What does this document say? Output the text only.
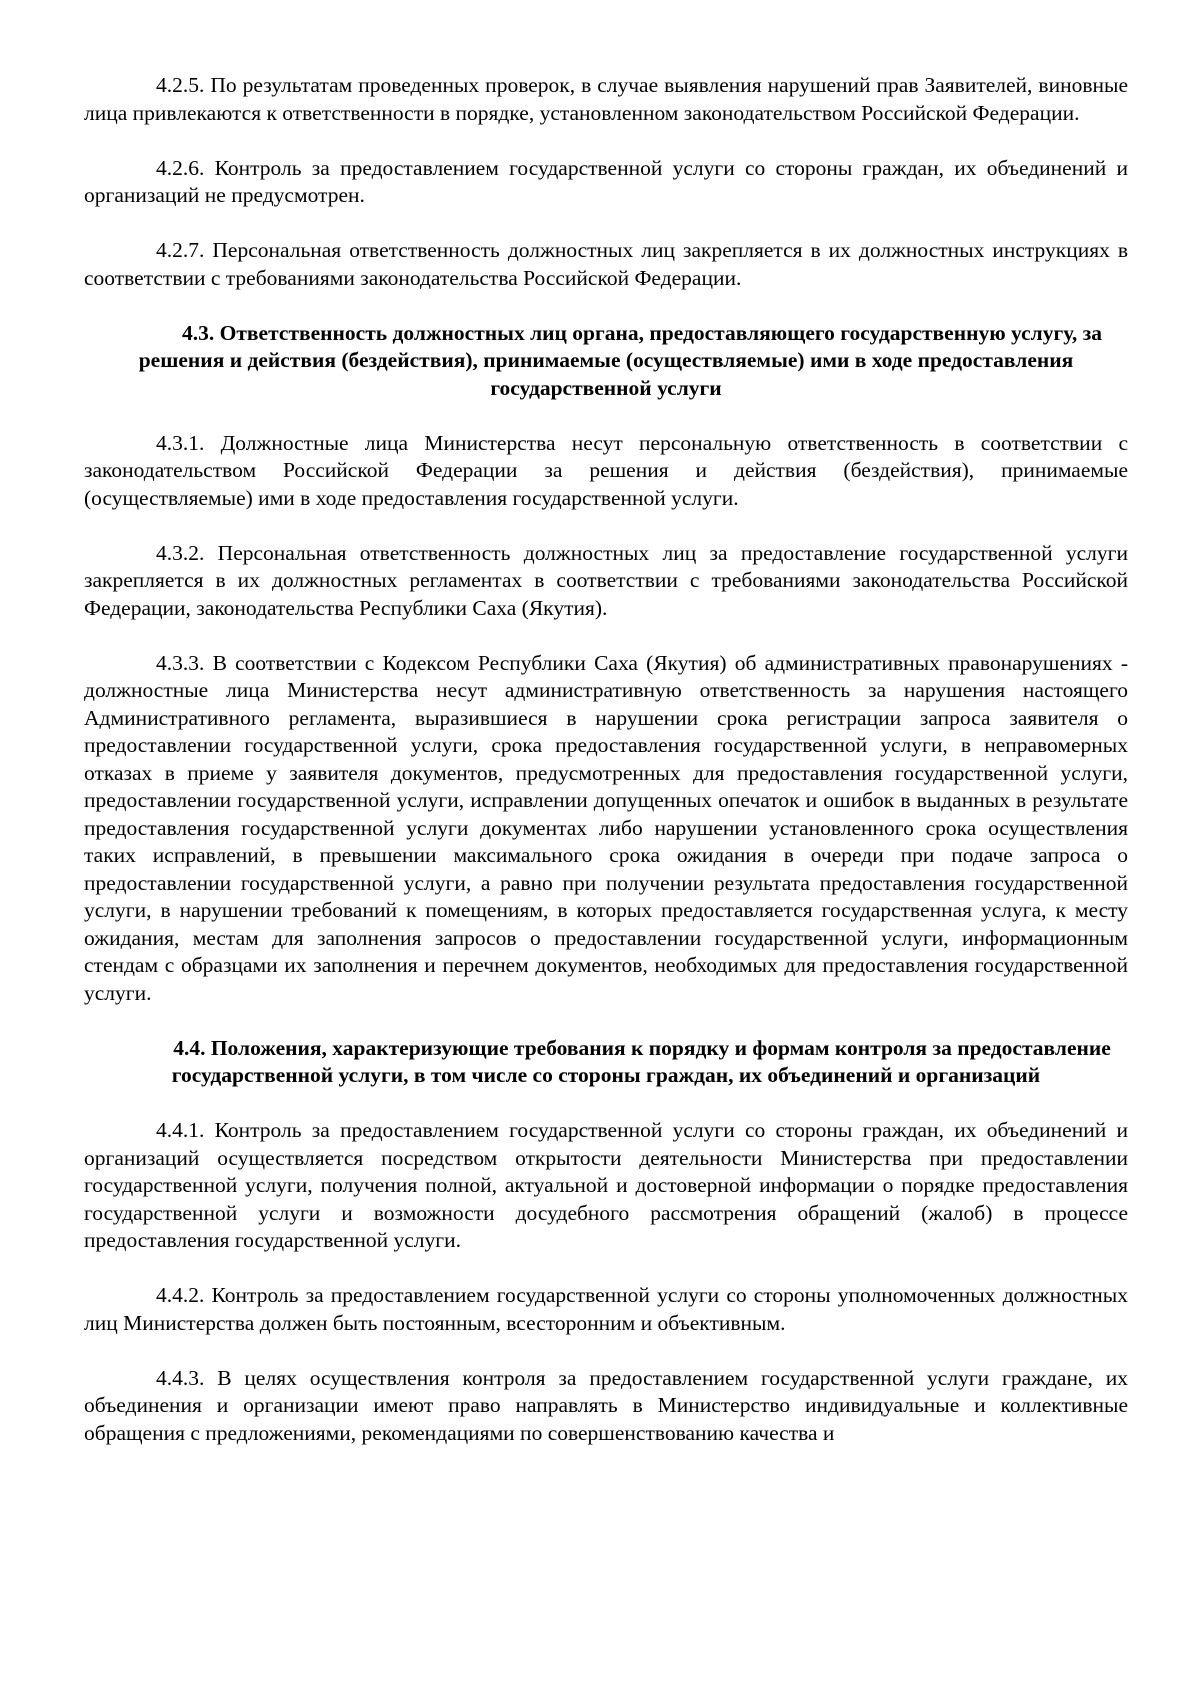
4.2.5. По результатам проведенных проверок, в случае выявления нарушений прав Заявителей, виновные лица привлекаются к ответственности в порядке, установленном законодательством Российской Федерации.

4.2.6. Контроль за предоставлением государственной услуги со стороны граждан, их объединений и организаций не предусмотрен.

4.2.7. Персональная ответственность должностных лиц закрепляется в их должностных инструкциях в соответствии с требованиями законодательства Российской Федерации.

4.3. Ответственность должностных лиц органа, предоставляющего государственную услугу, за решения и действия (бездействия), принимаемые (осуществляемые) ими в ходе предоставления государственной услуги

4.3.1. Должностные лица Министерства несут персональную ответственность в соответствии с законодательством Российской Федерации за решения и действия (бездействия), принимаемые (осуществляемые) ими в ходе предоставления государственной услуги.

4.3.2. Персональная ответственность должностных лиц за предоставление государственной услуги закрепляется в их должностных регламентах в соответствии с требованиями законодательства Российской Федерации, законодательства Республики Саха (Якутия).

4.3.3. В соответствии с Кодексом Республики Саха (Якутия) об административных правонарушениях - должностные лица Министерства несут административную ответственность за нарушения настоящего Административного регламента, выразившиеся в нарушении срока регистрации запроса заявителя о предоставлении государственной услуги, срока предоставления государственной услуги, в неправомерных отказах в приеме у заявителя документов, предусмотренных для предоставления государственной услуги, предоставлении государственной услуги, исправлении допущенных опечаток и ошибок в выданных в результате предоставления государственной услуги документах либо нарушении установленного срока осуществления таких исправлений, в превышении максимального срока ожидания в очереди при подаче запроса о предоставлении государственной услуги, а равно при получении результата предоставления государственной услуги, в нарушении требований к помещениям, в которых предоставляется государственная услуга, к месту ожидания, местам для заполнения запросов о предоставлении государственной услуги, информационным стендам с образцами их заполнения и перечнем документов, необходимых для предоставления государственной услуги.

4.4. Положения, характеризующие требования к порядку и формам контроля за предоставление государственной услуги, в том числе со стороны граждан, их объединений и организаций

4.4.1. Контроль за предоставлением государственной услуги со стороны граждан, их объединений и организаций осуществляется посредством открытости деятельности Министерства при предоставлении государственной услуги, получения полной, актуальной и достоверной информации о порядке предоставления государственной услуги и возможности досудебного рассмотрения обращений (жалоб) в процессе предоставления государственной услуги.

4.4.2. Контроль за предоставлением государственной услуги со стороны уполномоченных должностных лиц Министерства должен быть постоянным, всесторонним и объективным.

4.4.3. В целях осуществления контроля за предоставлением государственной услуги граждане, их объединения и организации имеют право направлять в Министерство индивидуальные и коллективные обращения с предложениями, рекомендациями по совершенствованию качества и
